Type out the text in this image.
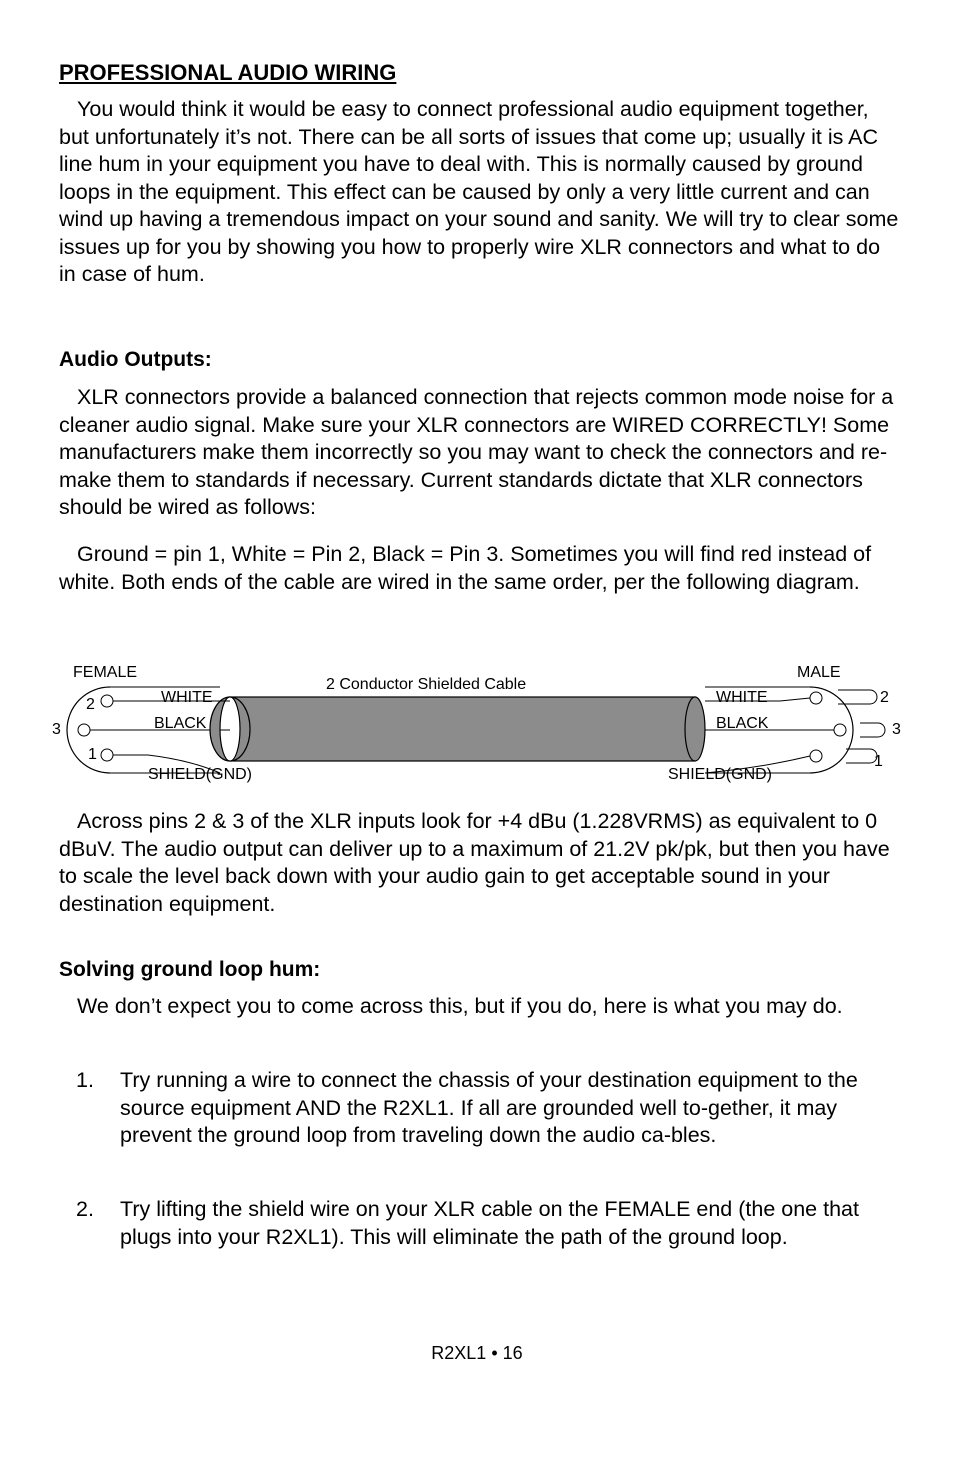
PROFESSIONAL AUDIO WIRING

You would think it would be easy to connect professional audio equipment together, but unfortunately it’s not. There can be all sorts of issues that come up; usually it is AC line hum in your equipment you have to deal with. This is normally caused by ground loops in the equipment. This effect can be caused by only a very little current and can wind up having a tremendous impact on your sound and sanity. We will try to clear some issues up for you by showing you how to properly wire XLR connectors and what to do in case of hum.

Audio Outputs:

XLR connectors provide a balanced connection that rejects common mode noise for a cleaner audio signal. Make sure your XLR connectors are WIRED CORRECTLY! Some manufacturers make them incorrectly so you may want to check the connectors and re-make them to standards if necessary. Current standards dictate that XLR connectors should be wired as follows:

Ground = pin 1, White = Pin 2, Black = Pin 3. Sometimes you will find red instead of white. Both ends of the cable are wired in the same order, per the following diagram.

FEMALE	MALE
2 Conductor Shielded Cable
WHITE
BLACK
SHIELD(GND)
WHITE
BLACK
SHIELD(GND)
2
3
1
2
3
1

Across pins 2 & 3 of the XLR inputs look for +4 dBu (1.228VRMS) as equivalent to 0 dBuV. The audio output can deliver up to a maximum of 21.2V pk/pk, but then you have to scale the level back down with your audio gain to get acceptable sound in your destination equipment.

Solving ground loop hum:

We don’t expect you to come across this, but if you do, here is what you may do.

1. Try running a wire to connect the chassis of your destination equipment to the source equipment AND the R2XL1. If all are grounded well to-gether, it may prevent the ground loop from traveling down the audio ca-bles.
2. Try lifting the shield wire on your XLR cable on the FEMALE end (the one that plugs into your R2XL1). This will eliminate the path of the ground loop.
R2XL1 • 16
